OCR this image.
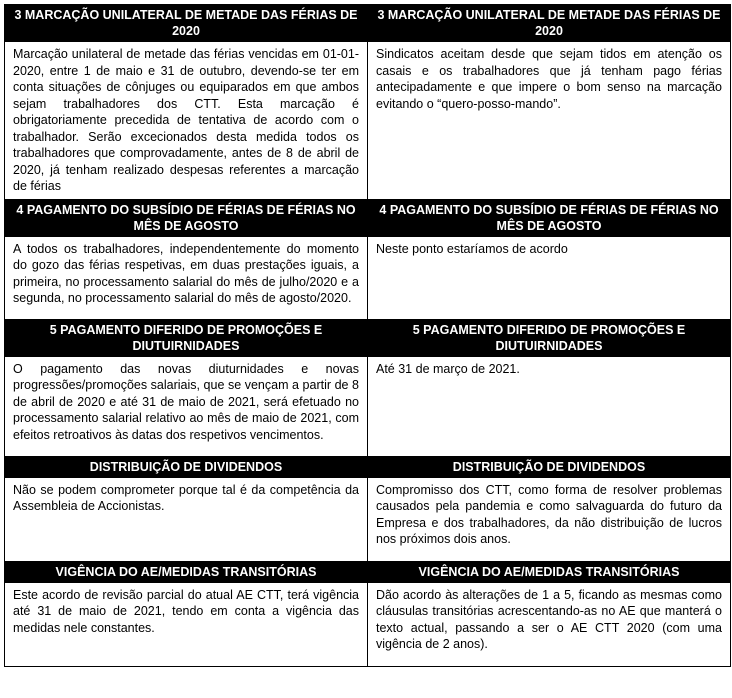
3 MARCAÇÃO UNILATERAL DE METADE DAS FÉRIAS DE 2020	3 MARCAÇÃO UNILATERAL DE METADE DAS FÉRIAS DE 2020
Marcação unilateral de metade das férias vencidas em 01-01-2020, entre 1 de maio e 31 de outubro, devendo-se ter em conta situações de cônjuges ou equiparados em que ambos sejam trabalhadores dos CTT. Esta marcação é obrigatoriamente precedida de tentativa de acordo com o trabalhador. Serão excecionados desta medida todos os trabalhadores que comprovadamente, antes de 8 de abril de 2020, já tenham realizado despesas referentes a marcação de férias	Sindicatos aceitam desde que sejam tidos em atenção os casais e os trabalhadores que já tenham pago férias antecipadamente e que impere o bom senso na marcação evitando o “quero-posso-mando”.
4 PAGAMENTO DO SUBSÍDIO DE FÉRIAS DE FÉRIAS NO MÊS DE AGOSTO	4 PAGAMENTO DO SUBSÍDIO DE FÉRIAS DE FÉRIAS NO MÊS DE AGOSTO
A todos os trabalhadores, independentemente do momento do gozo das férias respetivas, em duas prestações iguais, a primeira, no processamento salarial do mês de julho/2020 e a segunda, no processamento salarial do mês de agosto/2020.	Neste ponto estaríamos de acordo
5 PAGAMENTO DIFERIDO DE PROMOÇÕES E DIUTUIRNIDADES	5 PAGAMENTO DIFERIDO DE PROMOÇÕES E DIUTUIRNIDADES
O pagamento das novas diuturnidades e novas progressões/promoções salariais, que se vençam a partir de 8 de abril de 2020 e até 31 de maio de 2021, será efetuado no processamento salarial relativo ao mês de maio de 2021, com efeitos retroativos às datas dos respetivos vencimentos.	Até 31 de março de 2021.
DISTRIBUIÇÃO DE DIVIDENDOS	DISTRIBUIÇÃO DE DIVIDENDOS
Não se podem comprometer porque tal é da competência da Assembleia de Accionistas.	Compromisso dos CTT, como forma de resolver problemas causados pela pandemia e como salvaguarda do futuro da Empresa e dos trabalhadores, da não distribuição de lucros nos próximos dois anos.
VIGÊNCIA DO AE/MEDIDAS TRANSITÓRIAS	VIGÊNCIA DO AE/MEDIDAS TRANSITÓRIAS
Este acordo de revisão parcial do atual AE CTT, terá vigência até 31 de maio de 2021, tendo em conta a vigência das medidas nele constantes.	Dão acordo às alterações de 1 a 5, ficando as mesmas como cláusulas transitórias acrescentando-as no AE que manterá o texto actual, passando a ser o AE CTT 2020 (com uma vigência de 2 anos).
